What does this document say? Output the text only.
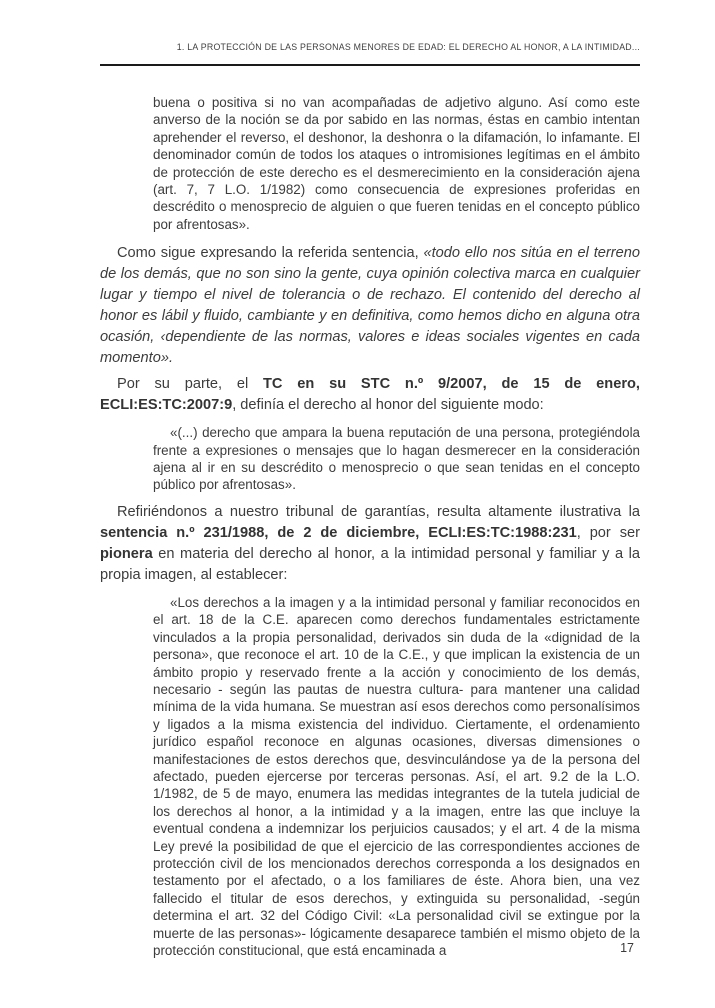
1. LA PROTECCIÓN DE LAS PERSONAS MENORES DE EDAD: EL DERECHO AL HONOR, A LA INTIMIDAD...

buena o positiva si no van acompañadas de adjetivo alguno. Así como este anverso de la noción se da por sabido en las normas, éstas en cambio intentan aprehender el reverso, el deshonor, la deshonra o la difamación, lo infamante. El denominador común de todos los ataques o intromisiones legítimas en el ámbito de protección de este derecho es el desmerecimiento en la consideración ajena (art. 7, 7 L.O. 1/1982) como consecuencia de expresiones proferidas en descrédito o menosprecio de alguien o que fueren tenidas en el concepto público por afrentosas».

Como sigue expresando la referida sentencia, «todo ello nos sitúa en el terreno de los demás, que no son sino la gente, cuya opinión colectiva marca en cualquier lugar y tiempo el nivel de tolerancia o de rechazo. El contenido del derecho al honor es lábil y fluido, cambiante y en definitiva, como hemos dicho en alguna otra ocasión, ‹dependiente de las normas, valores e ideas sociales vigentes en cada momento».

Por su parte, el TC en su STC n.º 9/2007, de 15 de enero, ECLI:ES:TC:2007:9, definía el derecho al honor del siguiente modo:

«(...) derecho que ampara la buena reputación de una persona, protegiéndola frente a expresiones o mensajes que lo hagan desmerecer en la consideración ajena al ir en su descrédito o menosprecio o que sean tenidas en el concepto público por afrentosas».

Refiriéndonos a nuestro tribunal de garantías, resulta altamente ilustrativa la sentencia n.º 231/1988, de 2 de diciembre, ECLI:ES:TC:1988:231, por ser pionera en materia del derecho al honor, a la intimidad personal y familiar y a la propia imagen, al establecer:

«Los derechos a la imagen y a la intimidad personal y familiar reconocidos en el art. 18 de la C.E. aparecen como derechos fundamentales estrictamente vinculados a la propia personalidad, derivados sin duda de la «dignidad de la persona», que reconoce el art. 10 de la C.E., y que implican la existencia de un ámbito propio y reservado frente a la acción y conocimiento de los demás, necesario - según las pautas de nuestra cultura- para mantener una calidad mínima de la vida humana. Se muestran así esos derechos como personalísimos y ligados a la misma existencia del individuo. Ciertamente, el ordenamiento jurídico español reconoce en algunas ocasiones, diversas dimensiones o manifestaciones de estos derechos que, desvinculándose ya de la persona del afectado, pueden ejercerse por terceras personas. Así, el art. 9.2 de la L.O. 1/1982, de 5 de mayo, enumera las medidas integrantes de la tutela judicial de los derechos al honor, a la intimidad y a la imagen, entre las que incluye la eventual condena a indemnizar los perjuicios causados; y el art. 4 de la misma Ley prevé la posibilidad de que el ejercicio de las correspondientes acciones de protección civil de los mencionados derechos corresponda a los designados en testamento por el afectado, o a los familiares de éste. Ahora bien, una vez fallecido el titular de esos derechos, y extinguida su personalidad, -según determina el art. 32 del Código Civil: «La personalidad civil se extingue por la muerte de las personas»- lógicamente desaparece también el mismo objeto de la protección constitucional, que está encaminada a	17
